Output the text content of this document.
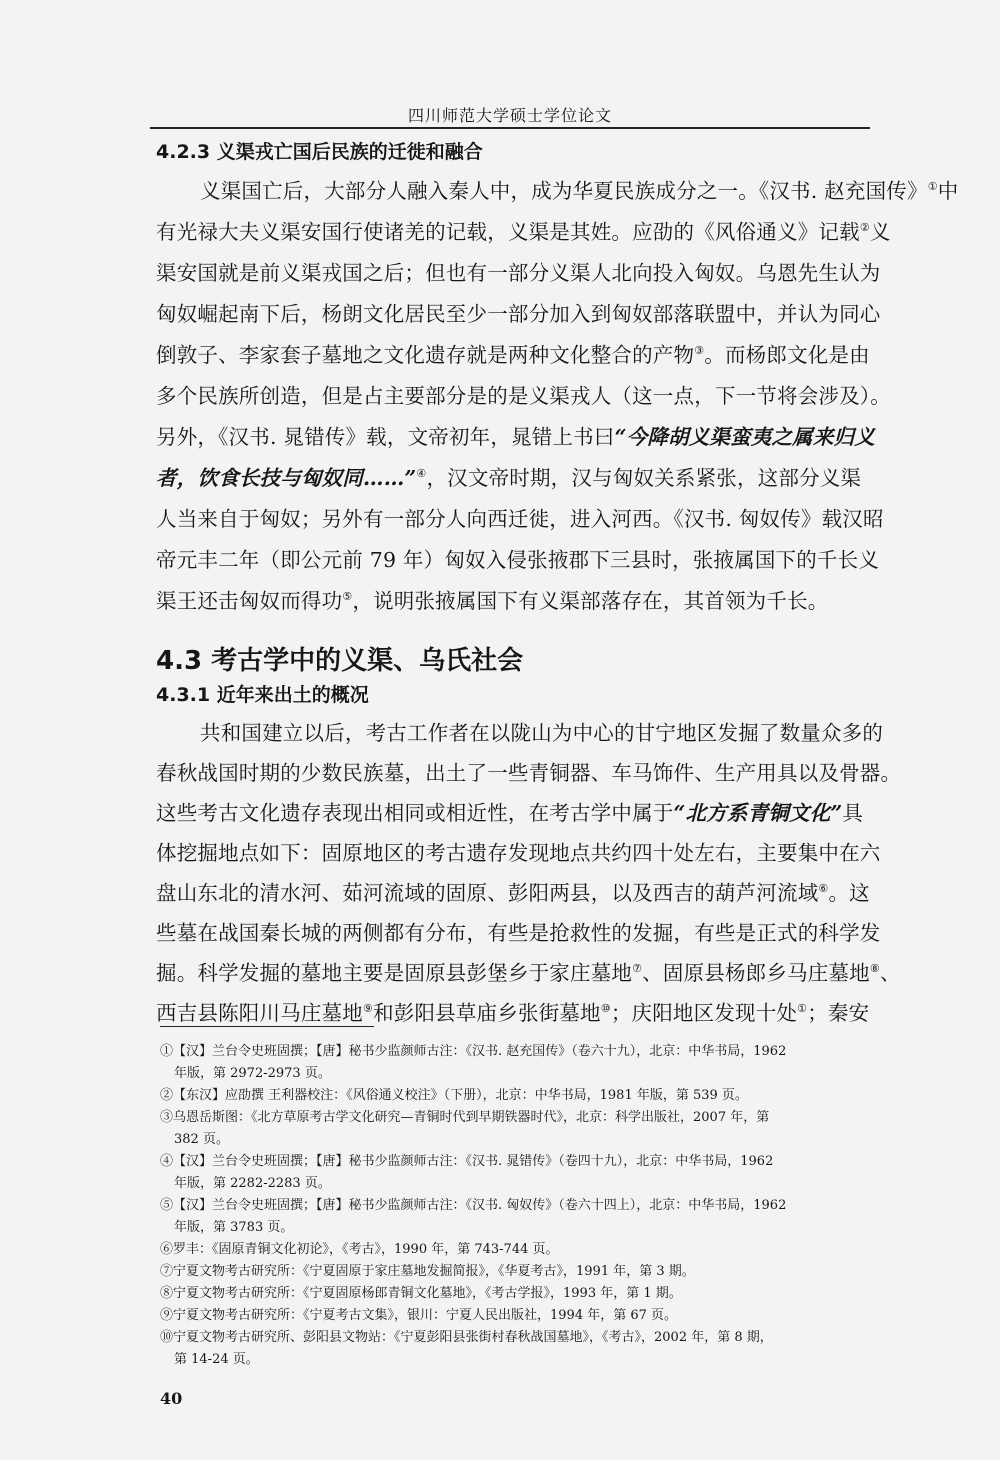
四川师范大学硕士学位论文
4.2.3 义渠戎亡国后民族的迁徙和融合
义渠国亡后，大部分人融入秦人中，成为华夏民族成分之一。《汉书. 赵充国传》①中
有光禄大夫义渠安国行使诸羌的记载，义渠是其姓。应劭的《风俗通义》记载②义
渠安国就是前义渠戎国之后；但也有一部分义渠人北向投入匈奴。乌恩先生认为
匈奴崛起南下后，杨朗文化居民至少一部分加入到匈奴部落联盟中，并认为同心
倒敦子、李家套子墓地之文化遗存就是两种文化整合的产物③。而杨郎文化是由
多个民族所创造，但是占主要部分是的是义渠戎人（这一点，下一节将会涉及）。
另外，《汉书. 晁错传》载，文帝初年，晁错上书曰“今降胡义渠蛮夷之属来归义
者，饮食长技与匈奴同……”④，汉文帝时期，汉与匈奴关系紧张，这部分义渠
人当来自于匈奴；另外有一部分人向西迁徙，进入河西。《汉书. 匈奴传》载汉昭
帝元丰二年（即公元前 79 年）匈奴入侵张掖郡下三县时，张掖属国下的千长义
渠王还击匈奴而得功⑤，说明张掖属国下有义渠部落存在，其首领为千长。
4.3 考古学中的义渠、乌氏社会
4.3.1 近年来出土的概况
共和国建立以后，考古工作者在以陇山为中心的甘宁地区发掘了数量众多的
春秋战国时期的少数民族墓，出土了一些青铜器、车马饰件、生产用具以及骨器。
这些考古文化遗存表现出相同或相近性，在考古学中属于“北方系青铜文化”具
体挖掘地点如下：固原地区的考古遗存发现地点共约四十处左右，主要集中在六
盘山东北的清水河、茹河流域的固原、彭阳两县，以及西吉的葫芦河流域⑥。这
些墓在战国秦长城的两侧都有分布，有些是抢救性的发掘，有些是正式的科学发
掘。科学发掘的墓地主要是固原县彭堡乡于家庄墓地⑦、固原县杨郎乡马庄墓地⑧、
西吉县陈阳川马庄墓地⑨和彭阳县草庙乡张街墓地⑩；庆阳地区发现十处①；秦安
①【汉】兰台令史班固撰；【唐】秘书少监颜师古注：《汉书. 赵充国传》（卷六十九），北京：中华书局，1962
年版，第 2972-2973 页。
②【东汉】应劭撰 王利器校注：《风俗通义校注》（下册），北京：中华书局，1981 年版，第 539 页。
③乌恩岳斯图：《北方草原考古学文化研究—青铜时代到早期铁器时代》，北京：科学出版社，2007 年，第
382 页。
④【汉】兰台令史班固撰；【唐】秘书少监颜师古注：《汉书. 晁错传》（卷四十九），北京：中华书局，1962
年版，第 2282-2283 页。
⑤【汉】兰台令史班固撰；【唐】秘书少监颜师古注：《汉书. 匈奴传》（卷六十四上），北京：中华书局，1962
年版，第 3783 页。
⑥罗丰：《固原青铜文化初论》，《考古》，1990 年，第 743-744 页。
⑦宁夏文物考古研究所：《宁夏固原于家庄墓地发掘简报》，《华夏考古》，1991 年，第 3 期。
⑧宁夏文物考古研究所：《宁夏固原杨郎青铜文化墓地》，《考古学报》，1993 年，第 1 期。
⑨宁夏文物考古研究所：《宁夏考古文集》，银川：宁夏人民出版社，1994 年，第 67 页。
⑩宁夏文物考古研究所、彭阳县文物站：《宁夏彭阳县张街村春秋战国墓地》，《考古》，2002 年，第 8 期，
第 14-24 页。
40
